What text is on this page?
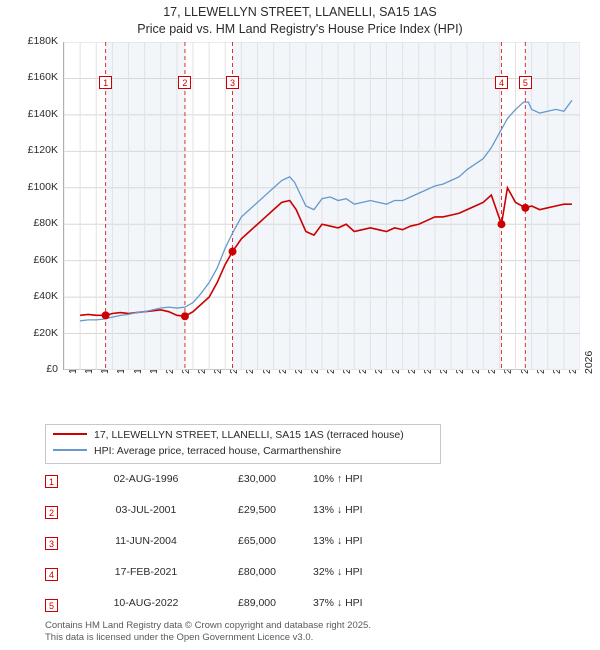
17, LLEWELLYN STREET, LLANELLI, SA15 1AS
Price paid vs. HM Land Registry's House Price Index (HPI)
£0
£20K
£40K
£60K
£80K
£100K
£120K
£140K
£160K
£180K
2026
1	2	3	4	5
17, LLEWELLYN STREET, LLANELLI, SA15 1AS (terraced house)
HPI: Average price, terraced house, Carmarthenshire
1	02-AUG-1996	£30,000	10% ↑ HPI
2	03-JUL-2001	£29,500	13% ↓ HPI
3	11-JUN-2004	£65,000	13% ↓ HPI
4	17-FEB-2021	£80,000	32% ↓ HPI
5	10-AUG-2022	£89,000	37% ↓ HPI
Contains HM Land Registry data © Crown copyright and database right 2025.
This data is licensed under the Open Government Licence v3.0.
